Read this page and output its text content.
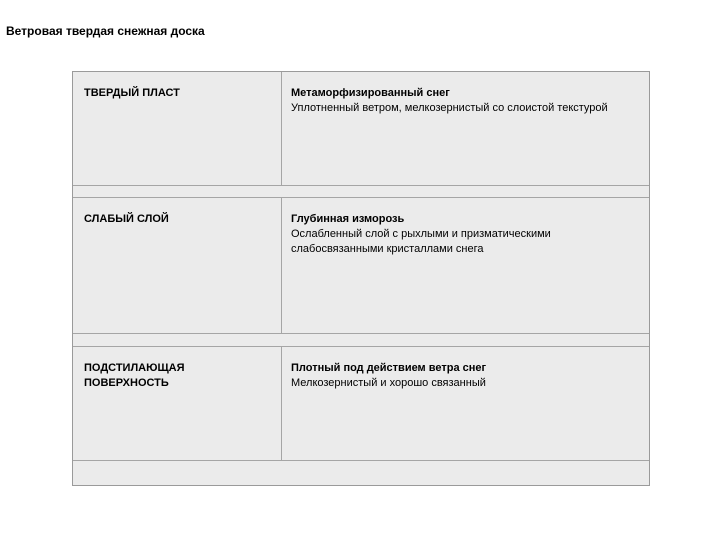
Ветровая твердая снежная доска
ТВЕРДЫЙ ПЛАСТ	Метаморфизированный снег
Уплотненный ветром, мелкозернистый со слоистой текстурой
СЛАБЫЙ СЛОЙ	Глубинная изморозь
Ослабленный слой с рыхлыми и призматическими слабосвязанными кристаллами снега
ПОДСТИЛАЮЩАЯ ПОВЕРХНОСТЬ
Плотный под действием ветра снег
Мелкозернистый и хорошо связанный
